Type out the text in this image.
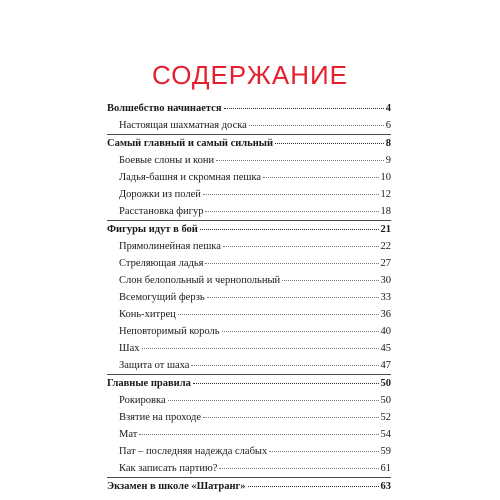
СОДЕРЖАНИЕ
Волшебство начинается	4
Настоящая шахматная доска	6
Самый главный и самый сильный	8
Боевые слоны и кони	9
Ладья-башня и скромная пешка	10
Дорожки из полей	12
Расстановка фигур	18
Фигуры идут в бой	21
Прямолинейная пешка	22
Стреляющая ладья	27
Слон белопольный и чернопольный	30
Всемогущий ферзь	33
Конь-хитрец	36
Неповторимый король	40
Шах	45
Защита от шаха	47
Главные правила	50
Рокировка	50
Взятие на проходе	52
Мат	54
Пат – последняя надежда слабых	59
Как записать партию?	61
Экзамен в школе «Шатранг»	63
